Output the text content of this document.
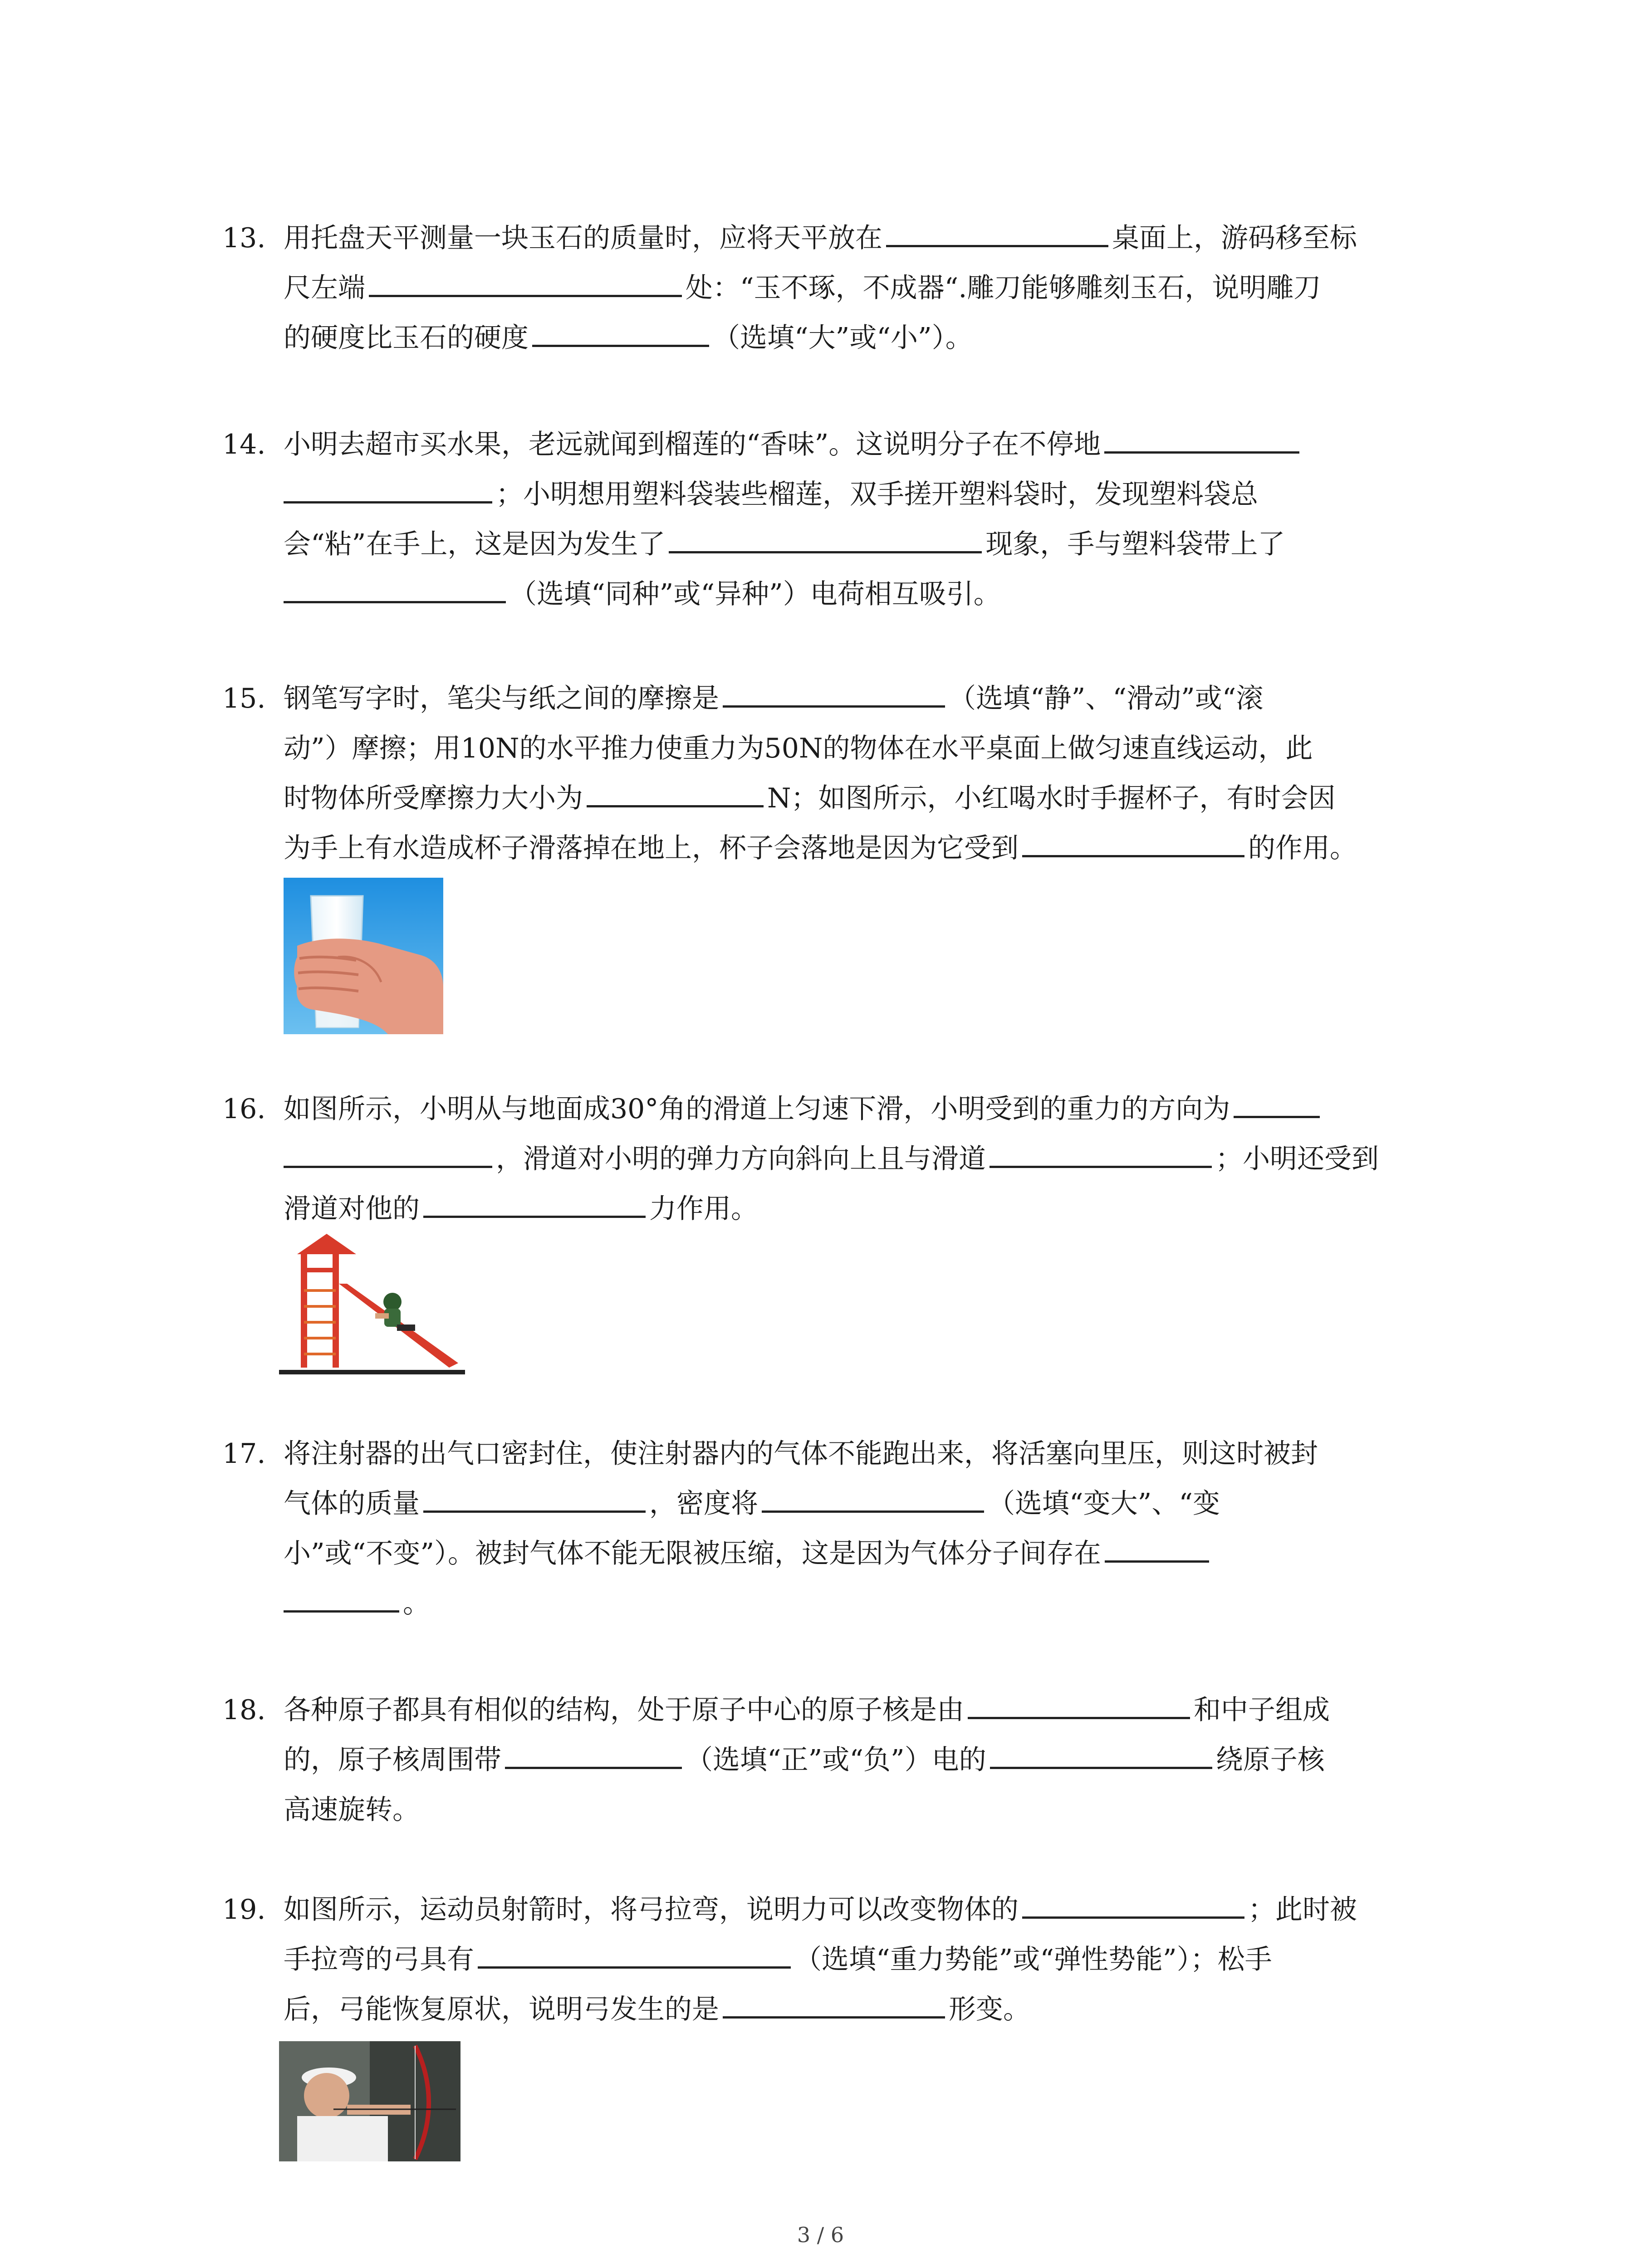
13. 用托盘天平测量一块玉石的质量时，应将天平放在	桌面上，游码移至标
尺左端	处：“玉不琢，不成器“.雕刀能够雕刻玉石，说明雕刀
的硬度比玉石的硬度	（选填“大”或“小”）。
14. 小明去超市买水果，老远就闻到榴莲的“香味”。这说明分子在不停地
；小明想用塑料袋装些榴莲，双手搓开塑料袋时，发现塑料袋总
会“粘”在手上，这是因为发生了	现象，手与塑料袋带上了
（选填“同种”或“异种”）电荷相互吸引。
15. 钢笔写字时，笔尖与纸之间的摩擦是	（选填“静”、“滑动”或“滚
动”）摩擦；用10N的水平推力使重力为50N的物体在水平桌面上做匀速直线运动，此
时物体所受摩擦力大小为	N；如图所示，小红喝水时手握杯子，有时会因
为手上有水造成杯子滑落掉在地上，杯子会落地是因为它受到	的作用。
16. 如图所示，小明从与地面成30°角的滑道上匀速下滑，小明受到的重力的方向为
，滑道对小明的弹力方向斜向上且与滑道	；小明还受到
滑道对他的	力作用。
17. 将注射器的出气口密封住，使注射器内的气体不能跑出来，将活塞向里压，则这时被封
气体的质量	，密度将	（选填“变大”、“变
小”或“不变”）。被封气体不能无限被压缩，这是因为气体分子间存在
。
18. 各种原子都具有相似的结构，处于原子中心的原子核是由	和中子组成
的，原子核周围带	（选填“正”或“负”）电的	绕原子核
高速旋转。
19. 如图所示，运动员射箭时，将弓拉弯，说明力可以改变物体的	；此时被
手拉弯的弓具有	（选填“重力势能”或“弹性势能”）；松手
后，弓能恢复原状，说明弓发生的是	形变。
3 / 6
